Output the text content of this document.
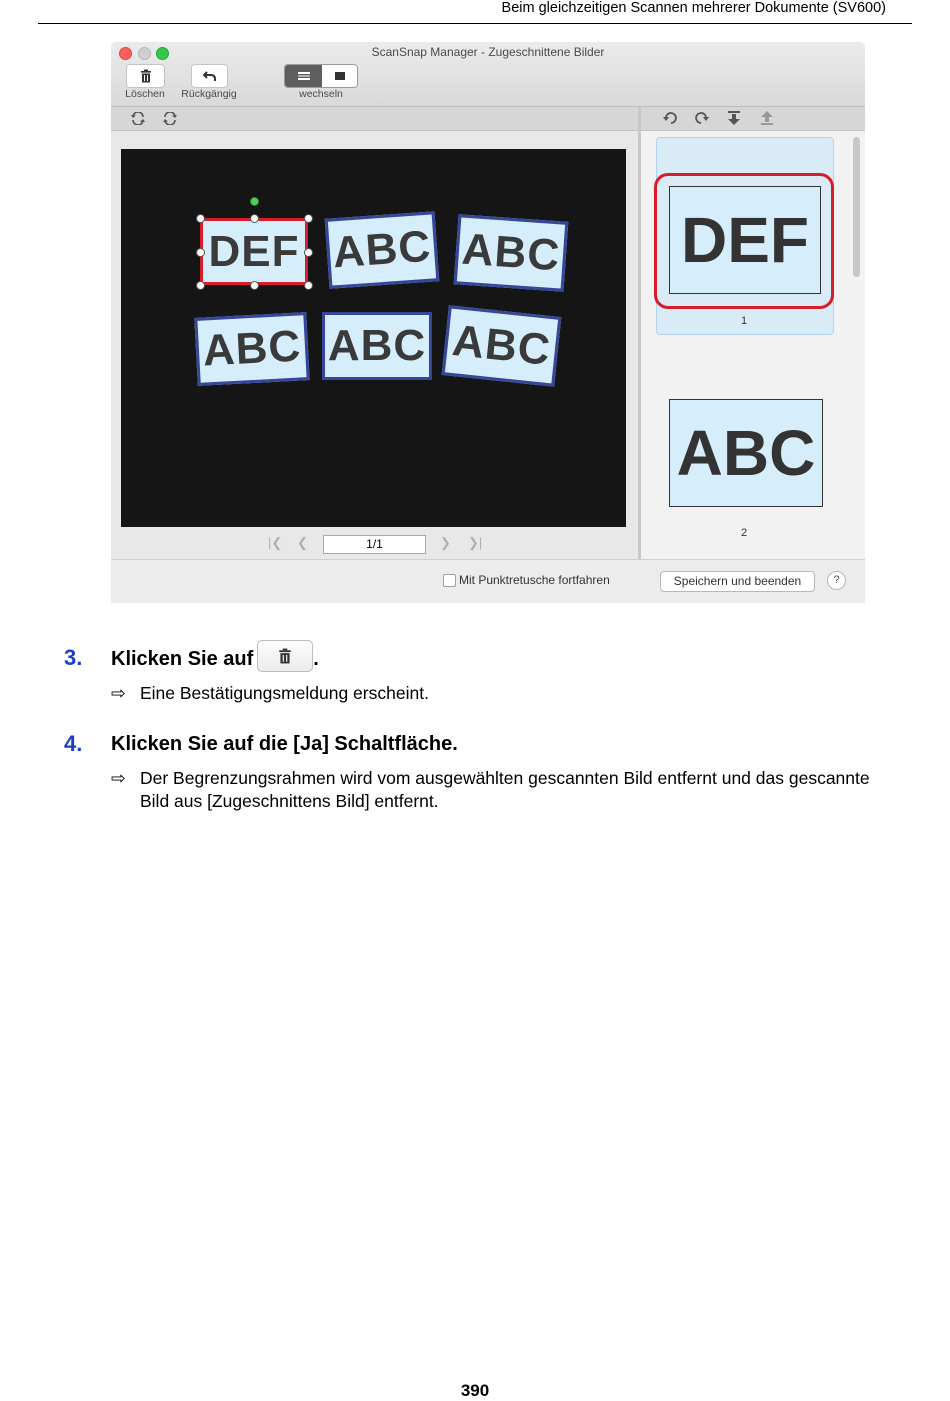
Beim gleichzeitigen Scannen mehrerer Dokumente (SV600)
ScanSnap Manager - Zugeschnittene Bilder
Löschen	Rückgängig	wechseln
DEF ABC ABC
ABC ABC ABC
|❮ ❮	1/1	❯ ❯|
DEF
1
ABC
2
Mit Punktretusche fortfahren	Speichern und beenden	?
3. Klicken Sie auf	.
⇨ Eine Bestätigungsmeldung erscheint.
4. Klicken Sie auf die [Ja] Schaltfläche.
⇨ Der Begrenzungsrahmen wird vom ausgewählten gescannten Bild entfernt und das gescannte Bild aus [Zugeschnittens Bild] entfernt.
390
